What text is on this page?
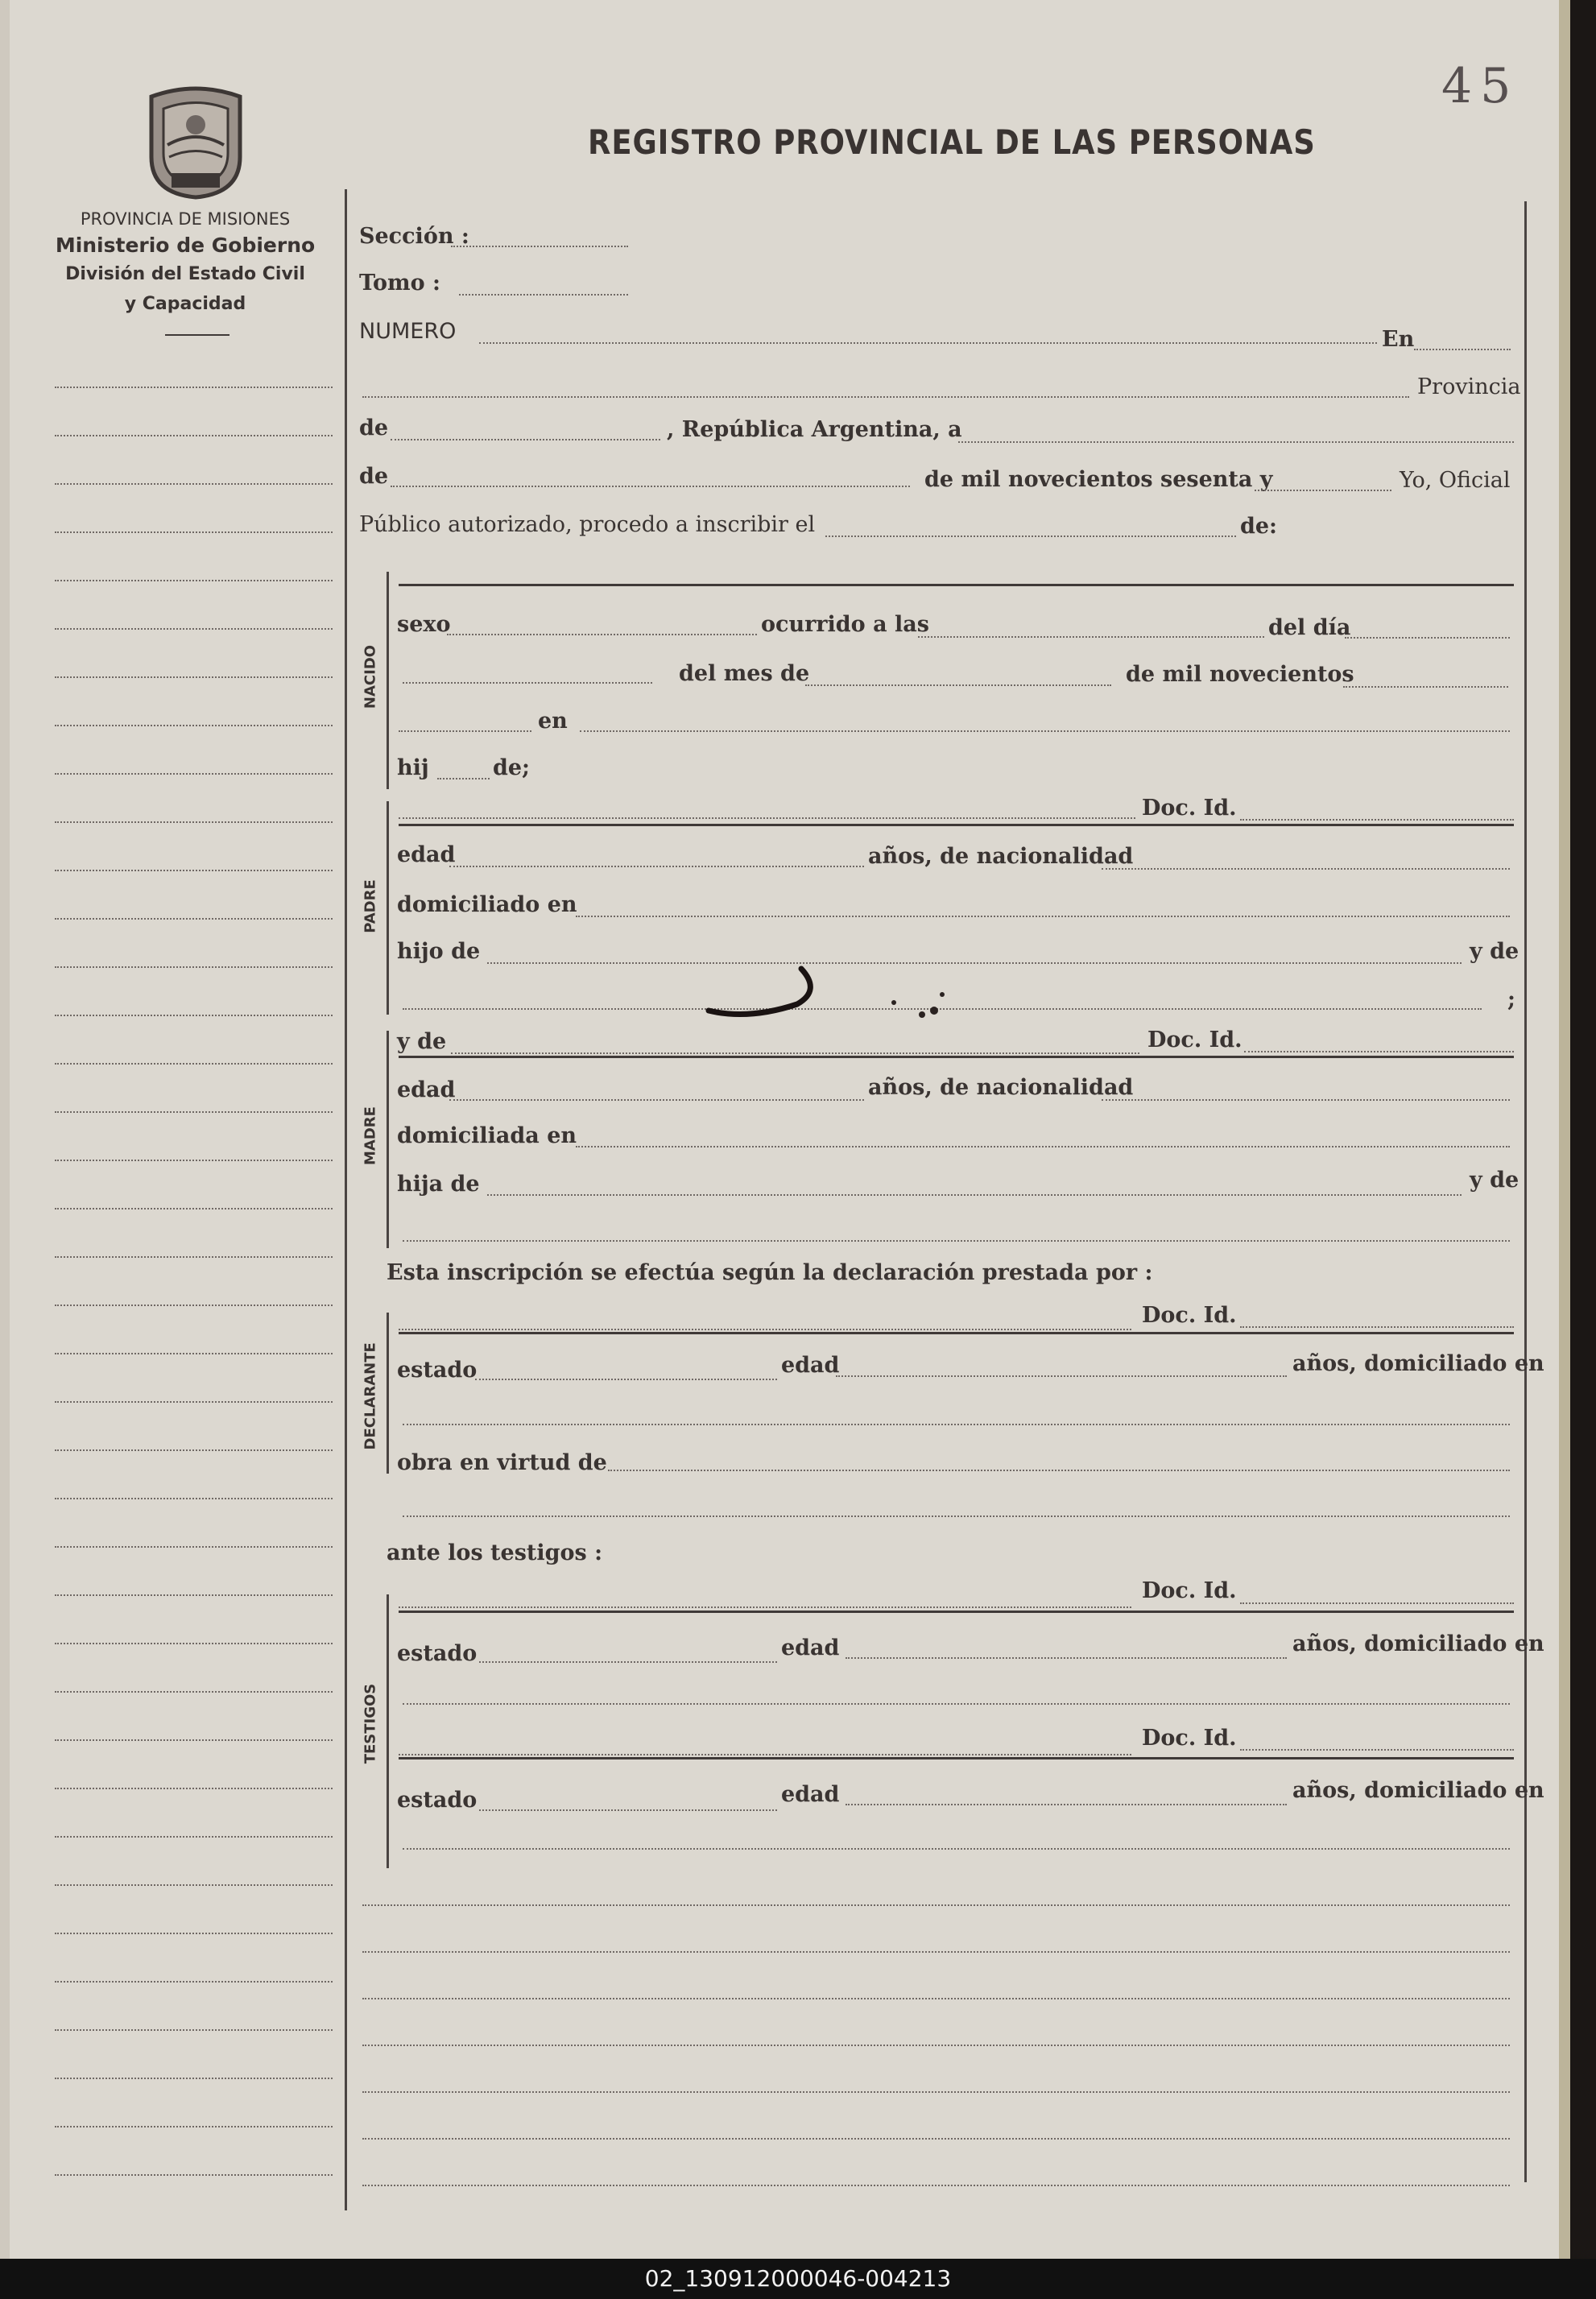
45
PROVINCIA DE MISIONES
Ministerio de Gobierno
División del Estado Civil
y Capacidad
REGISTRO PROVINCIAL DE LAS PERSONAS
Sección :
Tomo :
NUMERO	En
Provincia
de	, República Argentina, a
de	de mil novecientos sesenta y	Yo, Oficial
Público autorizado, procedo a inscribir el	de:
NACIDO
sexo	ocurrido a las	del día
del mes de	de mil novecientos
en
hij	de;
PADRE
Doc. Id.
edad	años, de nacionalidad
domiciliado en
hijo de	y de
;
MADRE
y de	Doc. Id.
edad	años, de nacionalidad
domiciliada en
hija de	y de
Esta inscripción se efectúa según la declaración prestada por :
DECLARANTE
Doc. Id.
estado	edad	años, domiciliado en
obra en virtud de
ante los testigos :
TESTIGOS
Doc. Id.
estado	edad	años, domiciliado en
Doc. Id.
estado	edad	años, domiciliado en
02_130912000046-004213
